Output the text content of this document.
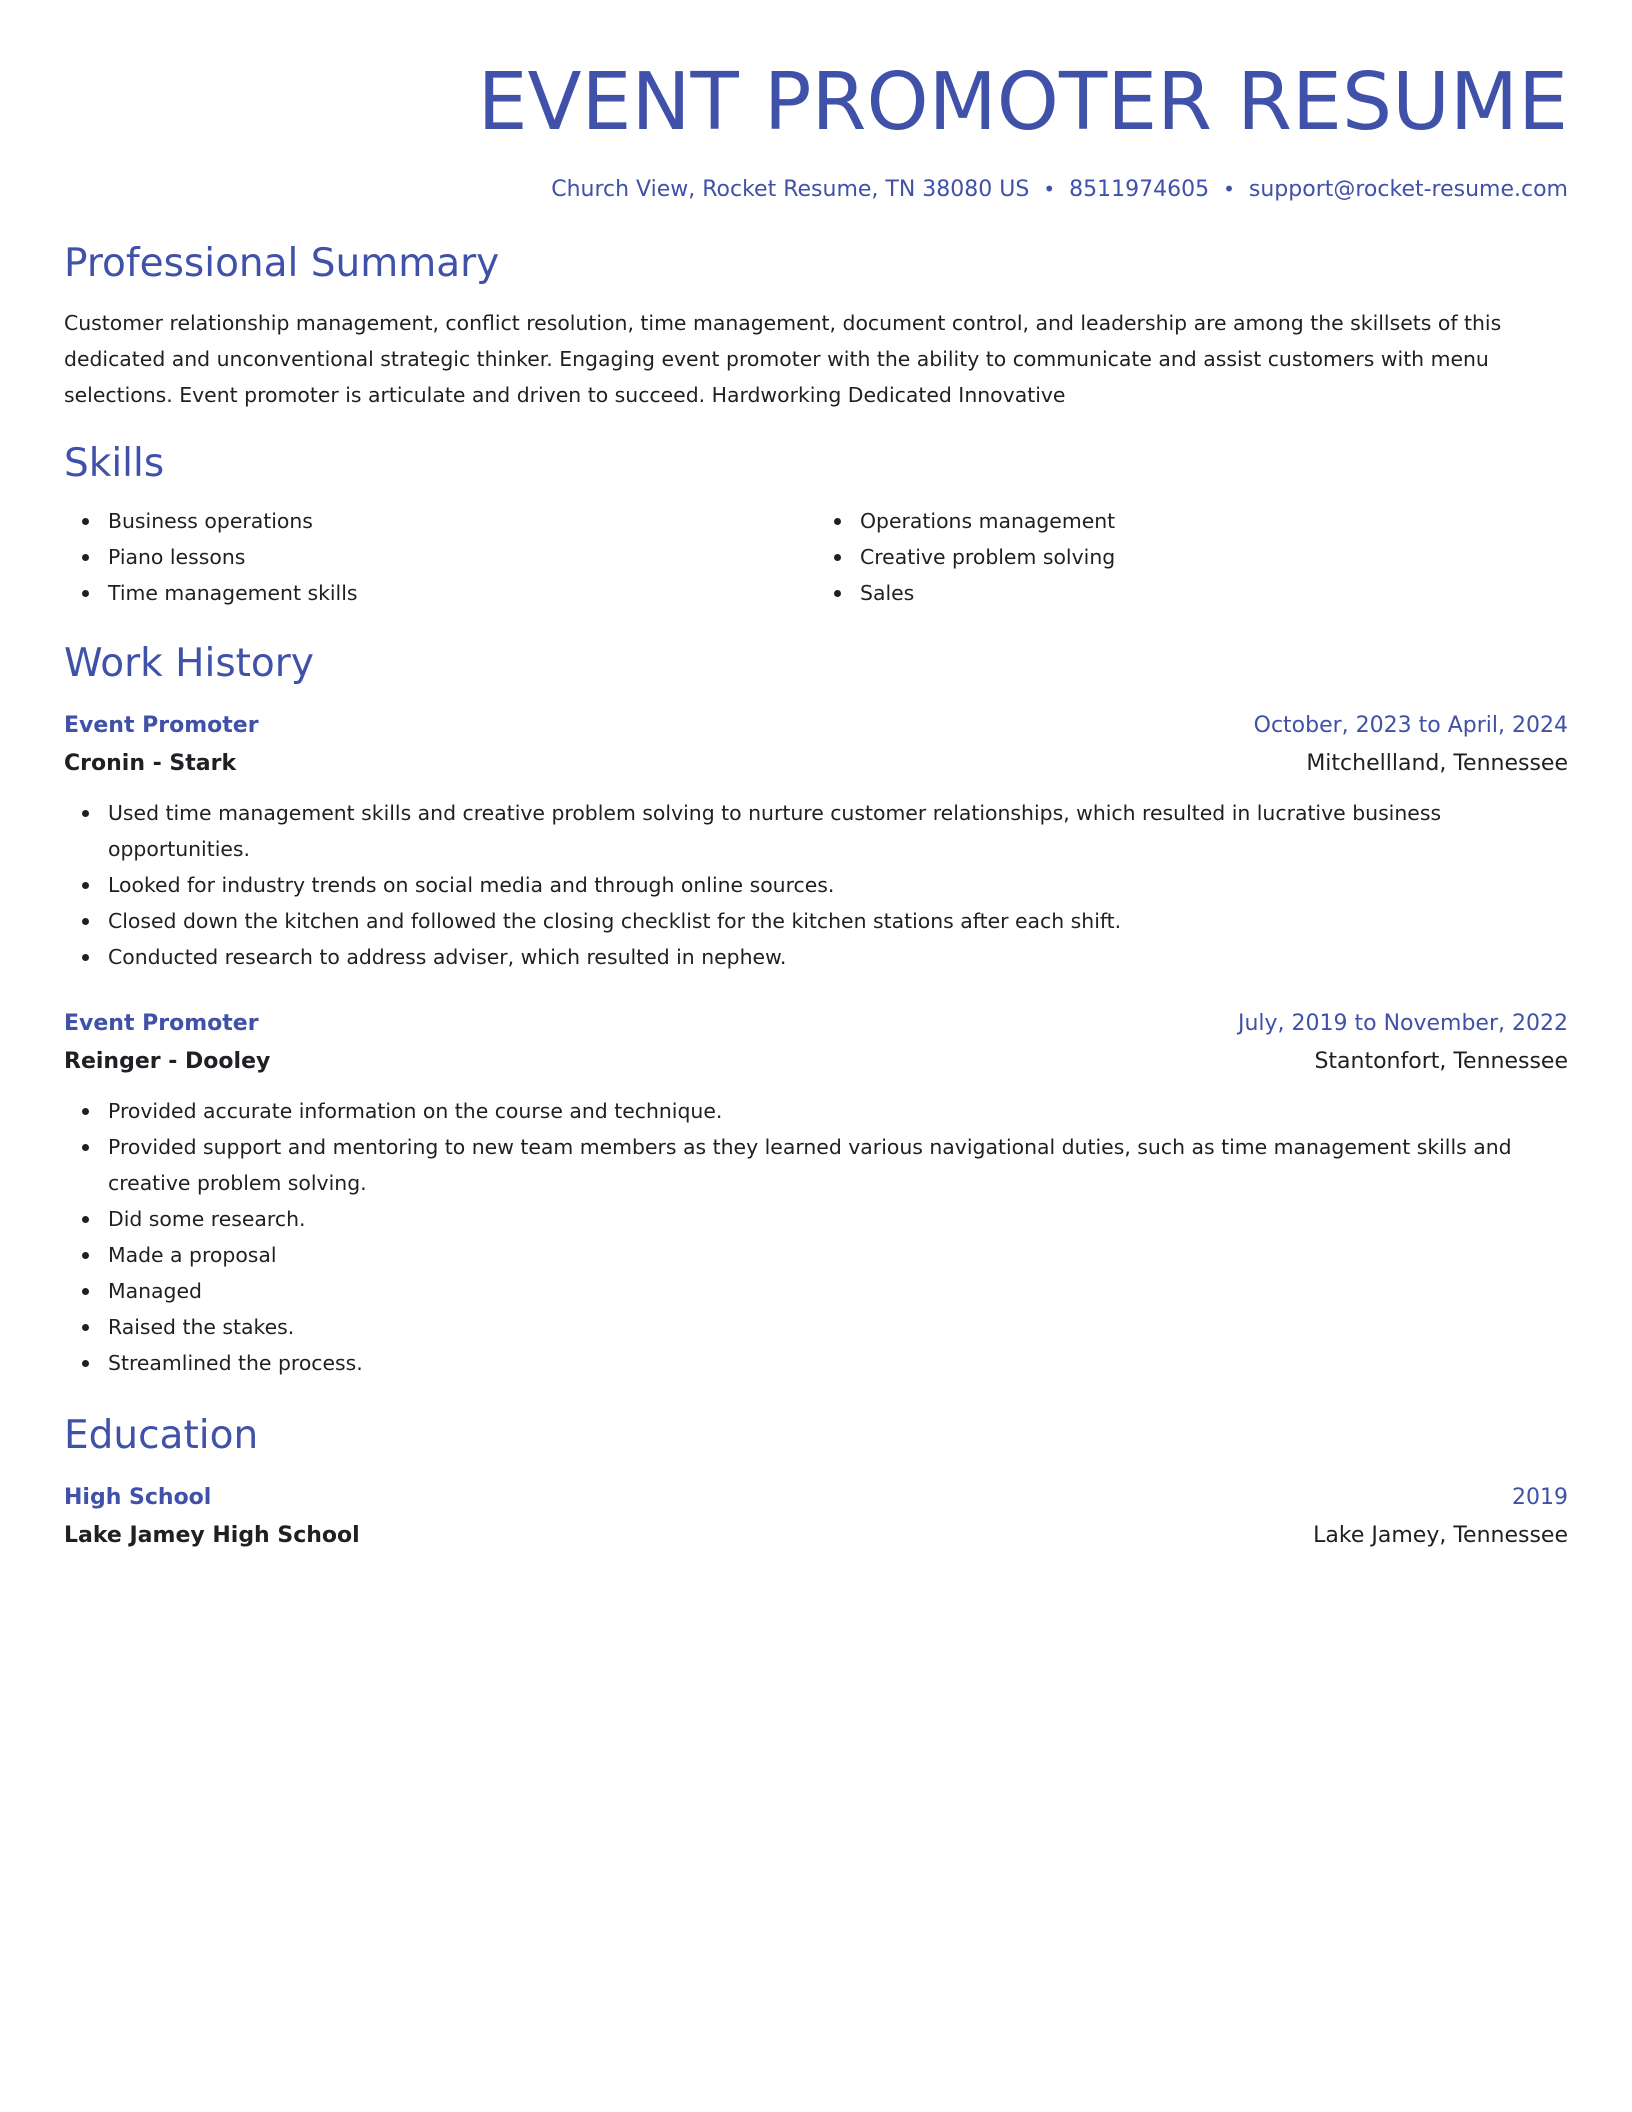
EVENT PROMOTER RESUME
Church View, Rocket Resume, TN 38080 US • 8511974605 • support@rocket-resume.com
Professional Summary
Customer relationship management, conflict resolution, time management, document control, and leadership are among the skillsets of this dedicated and unconventional strategic thinker. Engaging event promoter with the ability to communicate and assist customers with menu selections. Event promoter is articulate and driven to succeed. Hardworking Dedicated Innovative
Skills
Business operations
Piano lessons
Time management skills
Operations management
Creative problem solving
Sales
Work History
Event Promoter	October, 2023 to April, 2024
Cronin - Stark	Mitchellland, Tennessee
Used time management skills and creative problem solving to nurture customer relationships, which resulted in lucrative business opportunities.
Looked for industry trends on social media and through online sources.
Closed down the kitchen and followed the closing checklist for the kitchen stations after each shift.
Conducted research to address adviser, which resulted in nephew.
Event Promoter	July, 2019 to November, 2022
Reinger - Dooley	Stantonfort, Tennessee
Provided accurate information on the course and technique.
Provided support and mentoring to new team members as they learned various navigational duties, such as time management skills and creative problem solving.
Did some research.
Made a proposal
Managed
Raised the stakes.
Streamlined the process.
Education
High School	2019
Lake Jamey High School	Lake Jamey, Tennessee
